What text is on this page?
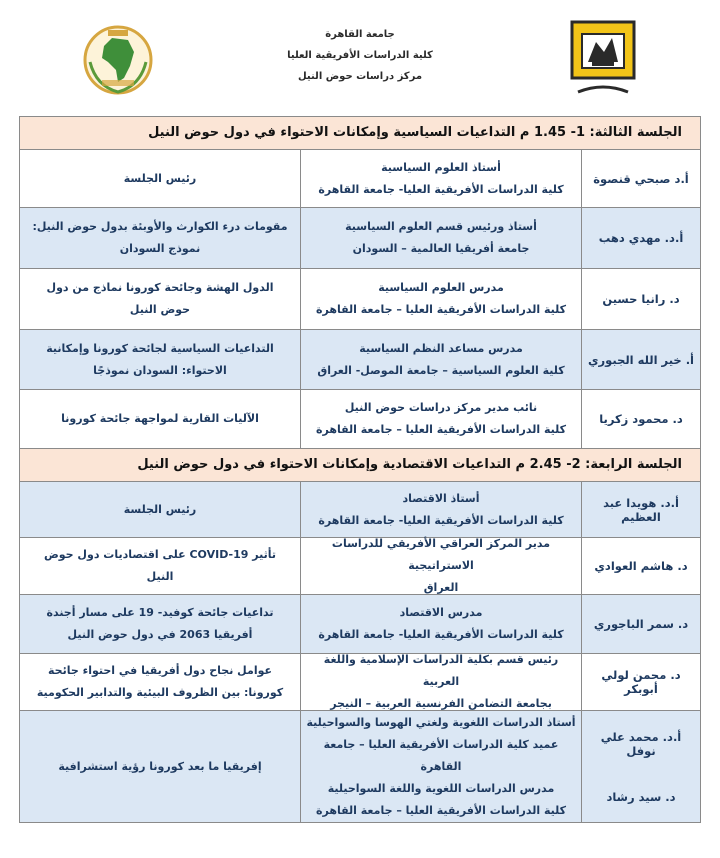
جامعة القاهرة
كلية الدراسات الأفريقية العليا
مركز دراسات حوض النيل
الجلسة الثالثة: 1- 1.45 م التداعيات السياسية وإمكانات الاحتواء في دول حوض النيل
أ.د صبحي قنصوة
أستاذ العلوم السياسية
كلية الدراسات الأفريقية العليا- جامعة القاهرة
رئيس الجلسة
أ.د. مهدي دهب
أستاذ ورئيس قسم العلوم السياسية
جامعة أفريقيا العالمية – السودان
مقومات درء الكوارث والأوبئة بدول حوض النيل: نموذج السودان
د. رانيا حسين
مدرس العلوم السياسية
كلية الدراسات الأفريقية العليا – جامعة القاهرة
الدول الهشة وجائحة كورونا نماذج من دول حوض النيل
أ. خير الله الجبوري
مدرس مساعد النظم السياسية
كلية العلوم السياسية – جامعة الموصل- العراق
التداعيات السياسية لجائحة كورونا وإمكانية الاحتواء: السودان نموذجًا
د. محمود زكريا
نائب مدير مركز دراسات حوض النيل
كلية الدراسات الأفريقية العليا – جامعة القاهرة
الآليات القارية لمواجهة جائحة كورونا
الجلسة الرابعة: 2- 2.45 م التداعيات الاقتصادية وإمكانات الاحتواء في دول حوض النيل
أ.د. هويدا عبد العظيم
أستاذ الاقتصاد
كلية الدراسات الأفريقية العليا- جامعة القاهرة
رئيس الجلسة
د. هاشم العوادي
مدير المركز العراقي الأفريقي للدراسات الاستراتيجية
العراق
تأثير COVID-19 على اقتصاديات دول حوض النيل
د. سمر الباجوري
مدرس الاقتصاد
كلية الدراسات الأفريقية العليا- جامعة القاهرة
تداعيات جائحة كوفيد- 19 على مسار أجندة أفريقيا 2063 في دول حوض النيل
د. محمن لولي أبوبكر
رئيس قسم بكلية الدراسات الإسلامية واللغة العربية
بجامعة التضامن الفرنسية العربية – النيجر
عوامل نجاح دول أفريقيا في احتواء جائحة كورونا: بين الظروف البيئية والتدابير الحكومية
أ.د. محمد علي نوفل
د. سيد رشاد
أستاذ الدراسات اللغوية ولغتي الهوسا والسواحيلية
عميد كلية الدراسات الأفريقية العليا – جامعة القاهرة
مدرس الدراسات اللغوية واللغة السواحيلية
كلية الدراسات الأفريقية العليا – جامعة القاهرة
إفريقيا ما بعد كورونا رؤية استشرافية
